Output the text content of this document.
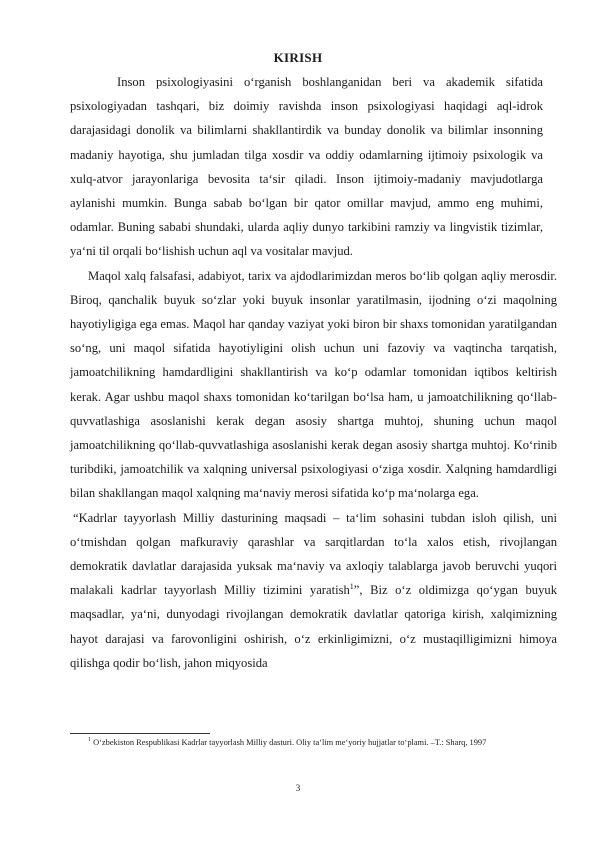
KIRISH

Inson psixologiyasini o‘rganish boshlanganidan beri va akademik sifatida psixologiyadan tashqari, biz doimiy ravishda inson psixologiyasi haqidagi aql-idrok darajasidagi donolik va bilimlarni shakllantirdik va bunday donolik va bilimlar insonning madaniy hayotiga, shu jumladan tilga xosdir va oddiy odamlarning ijtimoiy psixologik va xulq-atvor jarayonlariga bevosita ta‘sir qiladi. Inson ijtimoiy-madaniy mavjudotlarga aylanishi mumkin. Bunga sabab bo‘lgan bir qator omillar mavjud, ammo eng muhimi, odamlar. Buning sababi shundaki, ularda aqliy dunyo tarkibini ramziy va lingvistik tizimlar, ya‘ni til orqali bo‘lishish uchun aql va vositalar mavjud.

Maqol xalq falsafasi, adabiyot, tarix va ajdodlarimizdan meros bo‘lib qolgan aqliy merosdir. Biroq, qanchalik buyuk so‘zlar yoki buyuk insonlar yaratilmasin, ijodning o‘zi maqolning hayotiyligiga ega emas. Maqol har qanday vaziyat yoki biron bir shaxs tomonidan yaratilgandan so‘ng, uni maqol sifatida hayotiyligini olish uchun uni fazoviy va vaqtincha tarqatish, jamoatchilikning hamdardligini shakllantirish va ko‘p odamlar tomonidan iqtibos keltirish kerak. Agar ushbu maqol shaxs tomonidan ko‘tarilgan bo‘lsa ham, u jamoatchilikning qo‘llab-quvvatlashiga asoslanishi kerak degan asosiy shartga muhtoj, shuning uchun maqol jamoatchilikning qo‘llab-quvvatlashiga asoslanishi kerak degan asosiy shartga muhtoj. Ko‘rinib turibdiki, jamoatchilik va xalqning universal psixologiyasi o‘ziga xosdir. Xalqning hamdardligi bilan shakllangan maqol xalqning ma‘naviy merosi sifatida ko‘p ma‘nolarga ega.

“Kadrlar tayyorlash Milliy dasturining maqsadi – ta‘lim sohasini tubdan isloh qilish, uni o‘tmishdan qolgan mafkuraviy qarashlar va sarqitlardan to‘la xalos etish, rivojlangan demokratik davlatlar darajasida yuksak ma‘naviy va axloqiy talablarga javob beruvchi yuqori malakali kadrlar tayyorlash Milliy tizimini yaratish$^1$”, Biz o‘z oldimizga qo‘ygan buyuk maqsadlar, ya‘ni, dunyodagi rivojlangan demokratik davlatlar qatoriga kirish, xalqimizning hayot darajasi va farovonligini oshirish, o‘z erkinligimizni, o‘z mustaqilligimizni himoya qilishga qodir bo‘lish, jahon miqyosida

$^1$ O‘zbekiston Respublikasi Kadrlar tayyorlash Milliy dasturi. Oliy ta‘lim me‘yoriy hujjatlar to‘plami. –T.: Sharq, 1997
3
